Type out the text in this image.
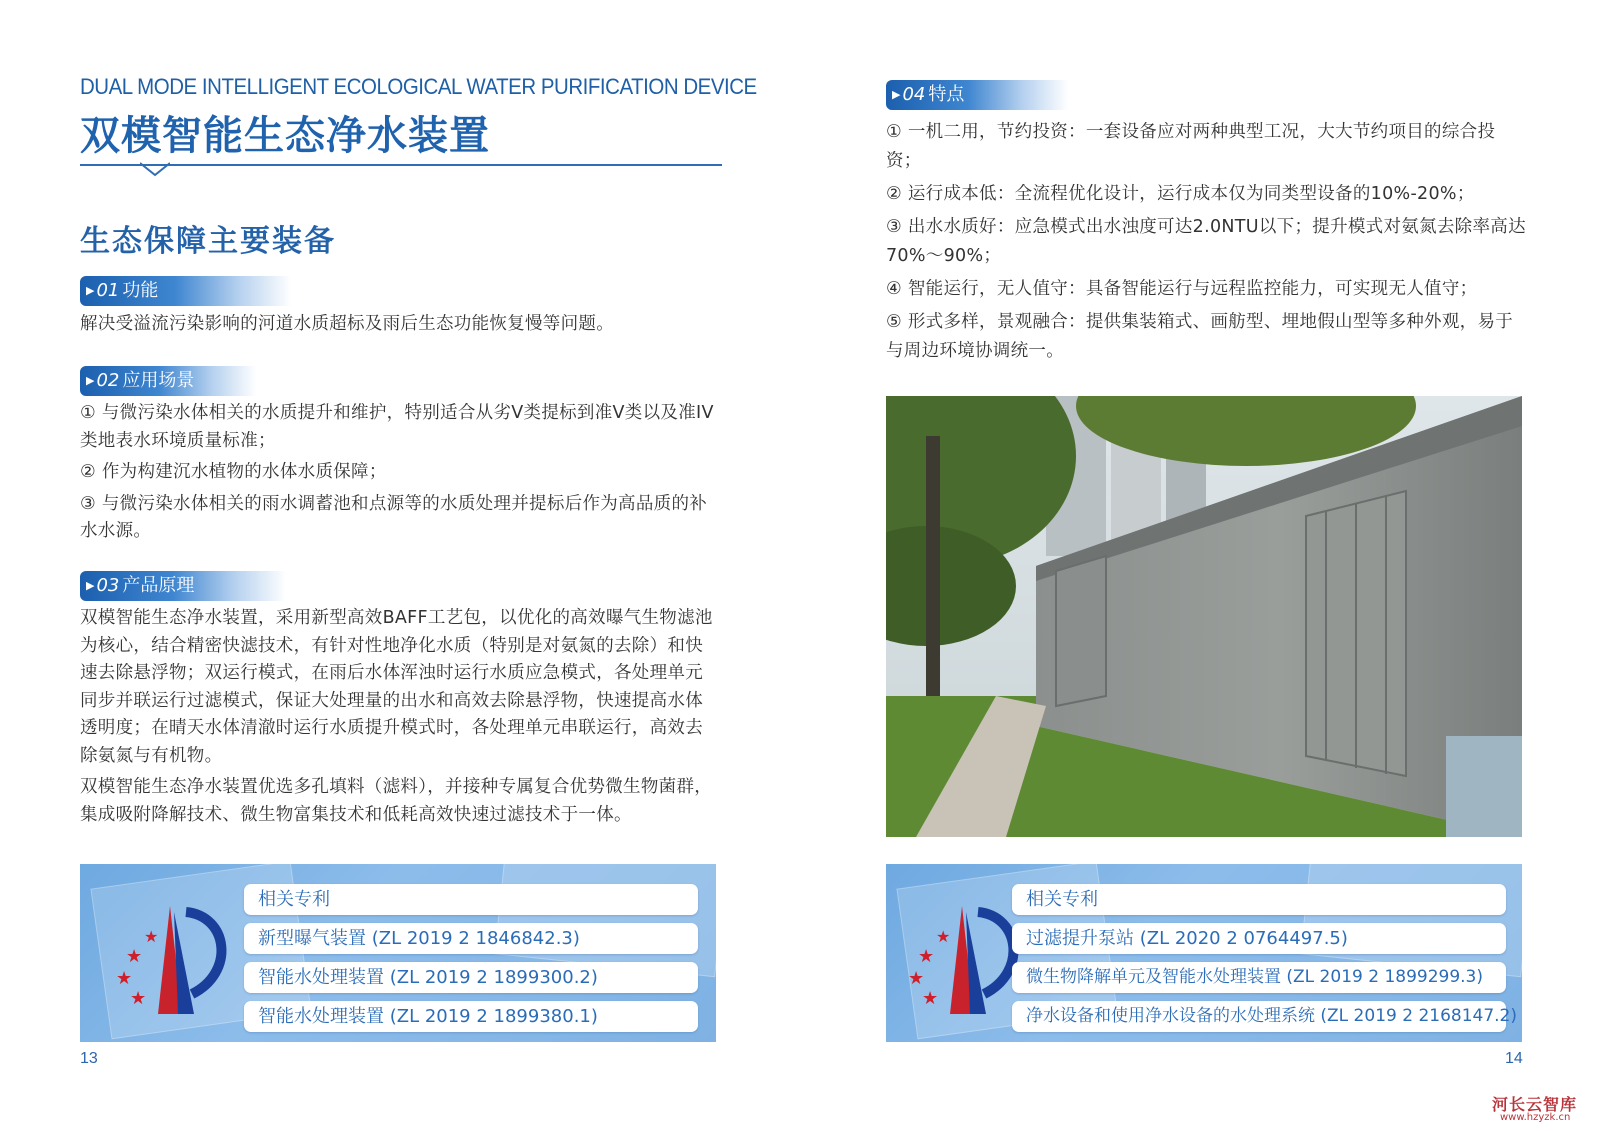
DUAL MODE INTELLIGENT ECOLOGICAL WATER PURIFICATION DEVICE
双模智能生态净水装置
生态保障主要装备
▶ 01 功能

解决受溢流污染影响的河道水质超标及雨后生态功能恢复慢等问题。

▶ 02 应用场景

① 与微污染水体相关的水质提升和维护，特别适合从劣V类提标到准V类以及准IV类地表水环境质量标准；

② 作为构建沉水植物的水体水质保障；

③ 与微污染水体相关的雨水调蓄池和点源等的水质处理并提标后作为高品质的补水水源。

▶ 03 产品原理

双模智能生态净水装置，采用新型高效BAFF工艺包，以优化的高效曝气生物滤池为核心，结合精密快滤技术，有针对性地净化水质（特别是对氨氮的去除）和快速去除悬浮物；双运行模式，在雨后水体浑浊时运行水质应急模式，各处理单元同步并联运行过滤模式，保证大处理量的出水和高效去除悬浮物，快速提高水体透明度；在晴天水体清澈时运行水质提升模式时，各处理单元串联运行，高效去除氨氮与有机物。

双模智能生态净水装置优选多孔填料（滤料），并接种专属复合优势微生物菌群，集成吸附降解技术、微生物富集技术和低耗高效快速过滤技术于一体。

★
★
★
★
相关专利
新型曝气装置 (ZL 2019 2 1846842.3)
智能水处理装置 (ZL 2019 2 1899300.2)
智能水处理装置 (ZL 2019 2 1899380.1)
13
▶ 04 特点

① 一机二用，节约投资：一套设备应对两种典型工况，大大节约项目的综合投资；

② 运行成本低：全流程优化设计，运行成本仅为同类型设备的10%-20%；

③ 出水水质好：应急模式出水浊度可达2.0NTU以下；提升模式对氨氮去除率高达70%～90%；

④ 智能运行，无人值守：具备智能运行与远程监控能力，可实现无人值守；

⑤ 形式多样，景观融合：提供集装箱式、画舫型、埋地假山型等多种外观，易于与周边环境协调统一。

★
★
★
★
相关专利
过滤提升泵站 (ZL 2020 2 0764497.5)
微生物降解单元及智能水处理装置 (ZL 2019 2 1899299.3)
净水设备和使用净水设备的水处理系统 (ZL 2019 2 2168147.2)
14
河长云智库
www.hzyzk.cn
